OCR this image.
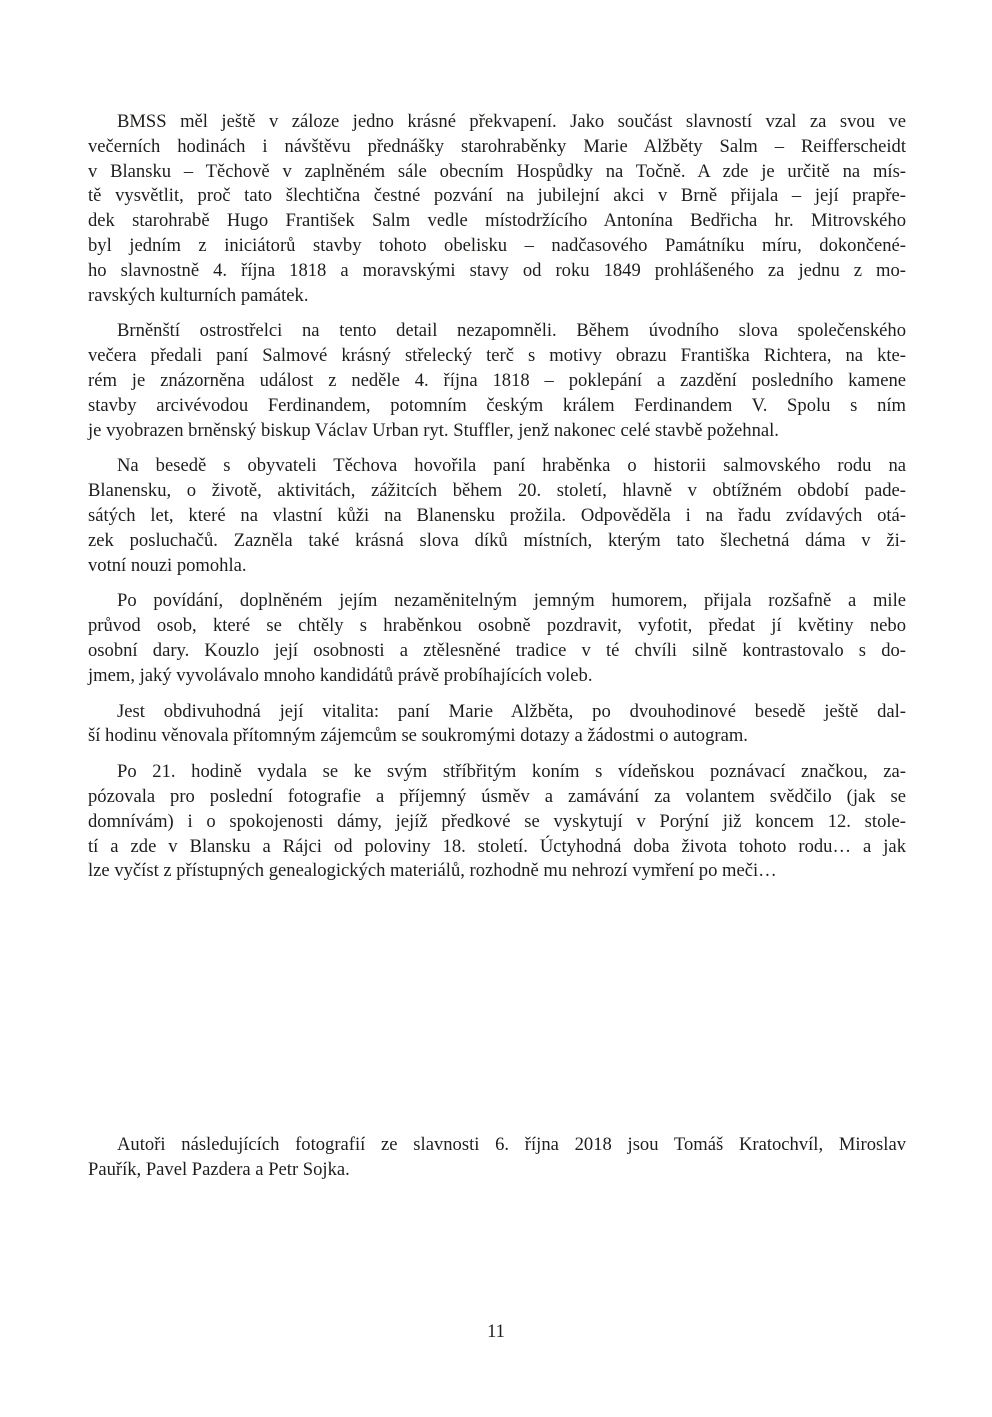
BMSS měl ještě v záloze jedno krásné překvapení. Jako součást slavností vzal za svou ve
večerních hodinách i návštěvu přednášky starohraběnky Marie Alžběty Salm – Reifferscheidt
v Blansku – Těchově v zaplněném sále obecním Hospůdky na Točně. A zde je určitě na mís-
tě vysvětlit, proč tato šlechtična čestné pozvání na jubilejní akci v Brně přijala – její prapře-
dek starohrabě Hugo František Salm vedle místodržícího Antonína Bedřicha hr. Mitrovského
byl jedním z iniciátorů stavby tohoto obelisku – nadčasového Památníku míru, dokončené-
ho slavnostně 4. října 1818 a moravskými stavy od roku 1849 prohlášeného za jednu z mo-
ravských kulturních památek.

Brněnští ostrostřelci na tento detail nezapomněli. Během úvodního slova společenského
večera předali paní Salmové krásný střelecký terč s motivy obrazu Františka Richtera, na kte-
rém je znázorněna událost z neděle 4. října 1818 – poklepání a zazdění posledního kamene
stavby arcivévodou Ferdinandem, potomním českým králem Ferdinandem V. Spolu s ním
je vyobrazen brněnský biskup Václav Urban ryt. Stuffler, jenž nakonec celé stavbě požehnal.

Na besedě s obyvateli Těchova hovořila paní hraběnka o historii salmovského rodu na
Blanensku, o životě, aktivitách, zážitcích během 20. století, hlavně v obtížném období pade-
sátých let, které na vlastní kůži na Blanensku prožila. Odpověděla i na řadu zvídavých otá-
zek posluchačů. Zazněla také krásná slova díků místních, kterým tato šlechetná dáma v ži-
votní nouzi pomohla.

Po povídání, doplněném jejím nezaměnitelným jemným humorem, přijala rozšafně a mile
průvod osob, které se chtěly s hraběnkou osobně pozdravit, vyfotit, předat jí květiny nebo
osobní dary. Kouzlo její osobnosti a ztělesněné tradice v té chvíli silně kontrastovalo s do-
jmem, jaký vyvolávalo mnoho kandidátů právě probíhajících voleb.

Jest obdivuhodná její vitalita: paní Marie Alžběta, po dvouhodinové besedě ještě dal-
ší hodinu věnovala přítomným zájemcům se soukromými dotazy a žádostmi o autogram.

Po 21. hodině vydala se ke svým stříbřitým koním s vídeňskou poznávací značkou, za-
pózovala pro poslední fotografie a příjemný úsměv a zamávání za volantem svědčilo (jak se
domnívám) i o spokojenosti dámy, jejíž předkové se vyskytují v Porýní již koncem 12. stole-
tí a zde v Blansku a Rájci od poloviny 18. století. Úctyhodná doba života tohoto rodu… a jak
lze vyčíst z přístupných genealogických materiálů, rozhodně mu nehrozí vymření po meči…

Autoři následujících fotografií ze slavnosti 6. října 2018 jsou Tomáš Kratochvíl, Miroslav
Pauřík, Pavel Pazdera a Petr Sojka.

11
